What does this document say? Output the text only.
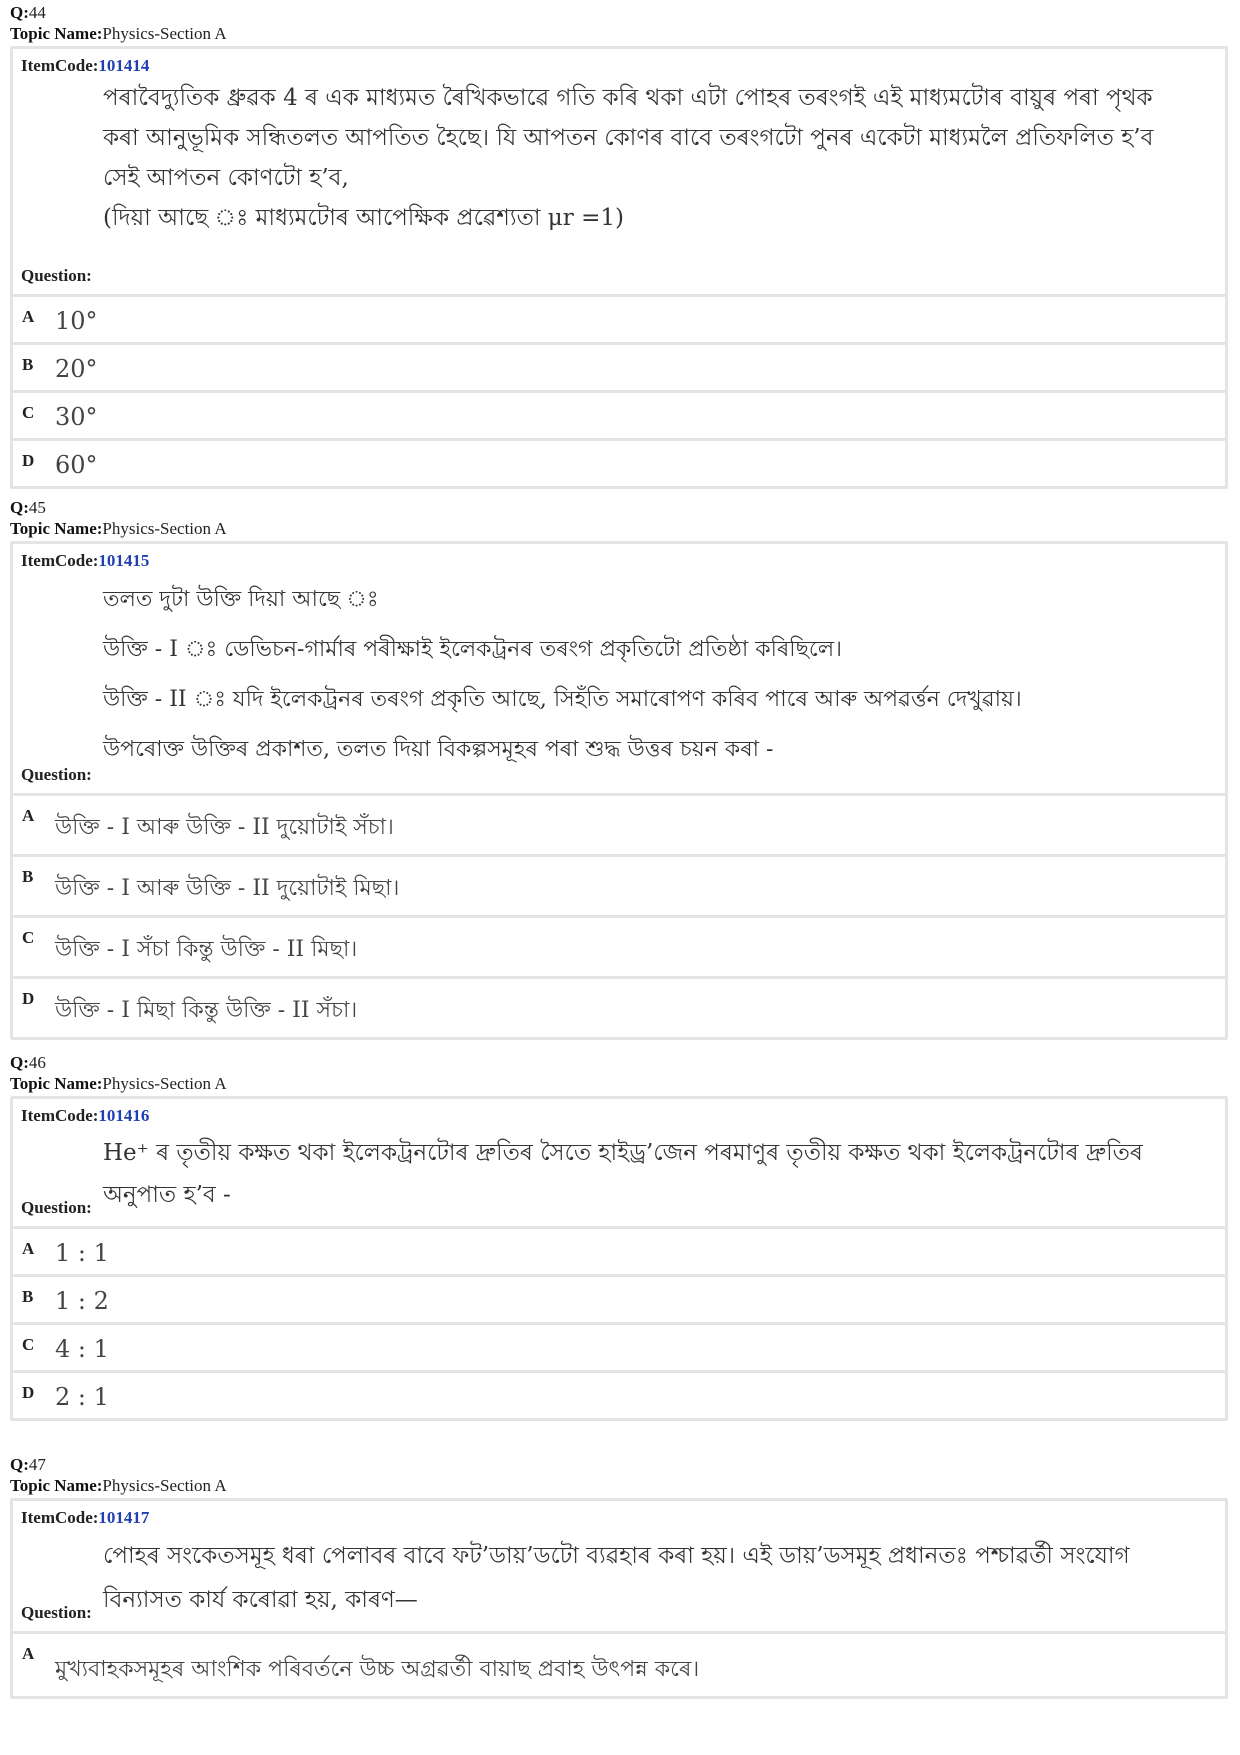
Q:44
Topic Name:Physics-Section A
ItemCode:101414

পৰাবৈদ্যুতিক ধ্ৰুৱক 4 ৰ এক মাধ্যমত ৰৈখিকভাৱে গতি কৰি থকা এটা পোহৰ তৰংগই এই মাধ্যমটোৰ বায়ুৰ পৰা পৃথক

কৰা আনুভূমিক সন্ধিতলত আপতিত হৈছে। যি আপতন কোণৰ বাবে তৰংগটো পুনৰ একেটা মাধ্যমলৈ প্ৰতিফলিত হ’ব

সেই আপতন কোণটো হ’ব,

(দিয়া আছে ঃ মাধ্যমটোৰ আপেক্ষিক প্ৰৱেশ্যতা μr =1)

Question:
A 10°
B 20°
C 30°
D 60°
Q:45
Topic Name:Physics-Section A
ItemCode:101415

তলত দুটা উক্তি দিয়া আছে ঃ

উক্তি - I ঃ ডেভিচন-গাৰ্মাৰ পৰীক্ষাই ইলেকট্ৰনৰ তৰংগ প্ৰকৃতিটো প্ৰতিষ্ঠা কৰিছিলে।

উক্তি - II ঃ যদি ইলেকট্ৰনৰ তৰংগ প্ৰকৃতি আছে, সিহঁতি সমাৰোপণ কৰিব পাৰে আৰু অপৱৰ্ত্তন দেখুৱায়।

উপৰোক্ত উক্তিৰ প্ৰকাশত, তলত দিয়া বিকল্পসমূহৰ পৰা শুদ্ধ উত্তৰ চয়ন কৰা -

Question:
A উক্তি - I আৰু উক্তি - II দুয়োটাই সঁচা।
B উক্তি - I আৰু উক্তি - II দুয়োটাই মিছা।
C উক্তি - I সঁচা কিন্তু উক্তি - II মিছা।
D উক্তি - I মিছা কিন্তু উক্তি - II সঁচা।
Q:46
Topic Name:Physics-Section A
ItemCode:101416

He⁺ ৰ তৃতীয় কক্ষত থকা ইলেকট্ৰনটোৰ দ্ৰুতিৰ সৈতে হাইড্ৰ’জেন পৰমাণুৰ তৃতীয় কক্ষত থকা ইলেকট্ৰনটোৰ দ্ৰুতিৰ

অনুপাত হ’ব -

Question:
A 1 : 1
B 1 : 2
C 4 : 1
D 2 : 1
Q:47
Topic Name:Physics-Section A
ItemCode:101417

পোহৰ সংকেতসমূহ ধৰা পেলাবৰ বাবে ফট’ডায়’ডটো ব্যৱহাৰ কৰা হয়। এই ডায়’ডসমূহ প্ৰধানতঃ পশ্চাৱৰ্তী সংযোগ

বিন্যাসত কাৰ্য কৰোৱা হয়, কাৰণ—

Question:
A
মুখ্যবাহকসমূহৰ আংশিক পৰিবৰ্তনে উচ্চ অগ্ৰৱৰ্তী বায়াছ প্ৰবাহ উৎপন্ন কৰে।
